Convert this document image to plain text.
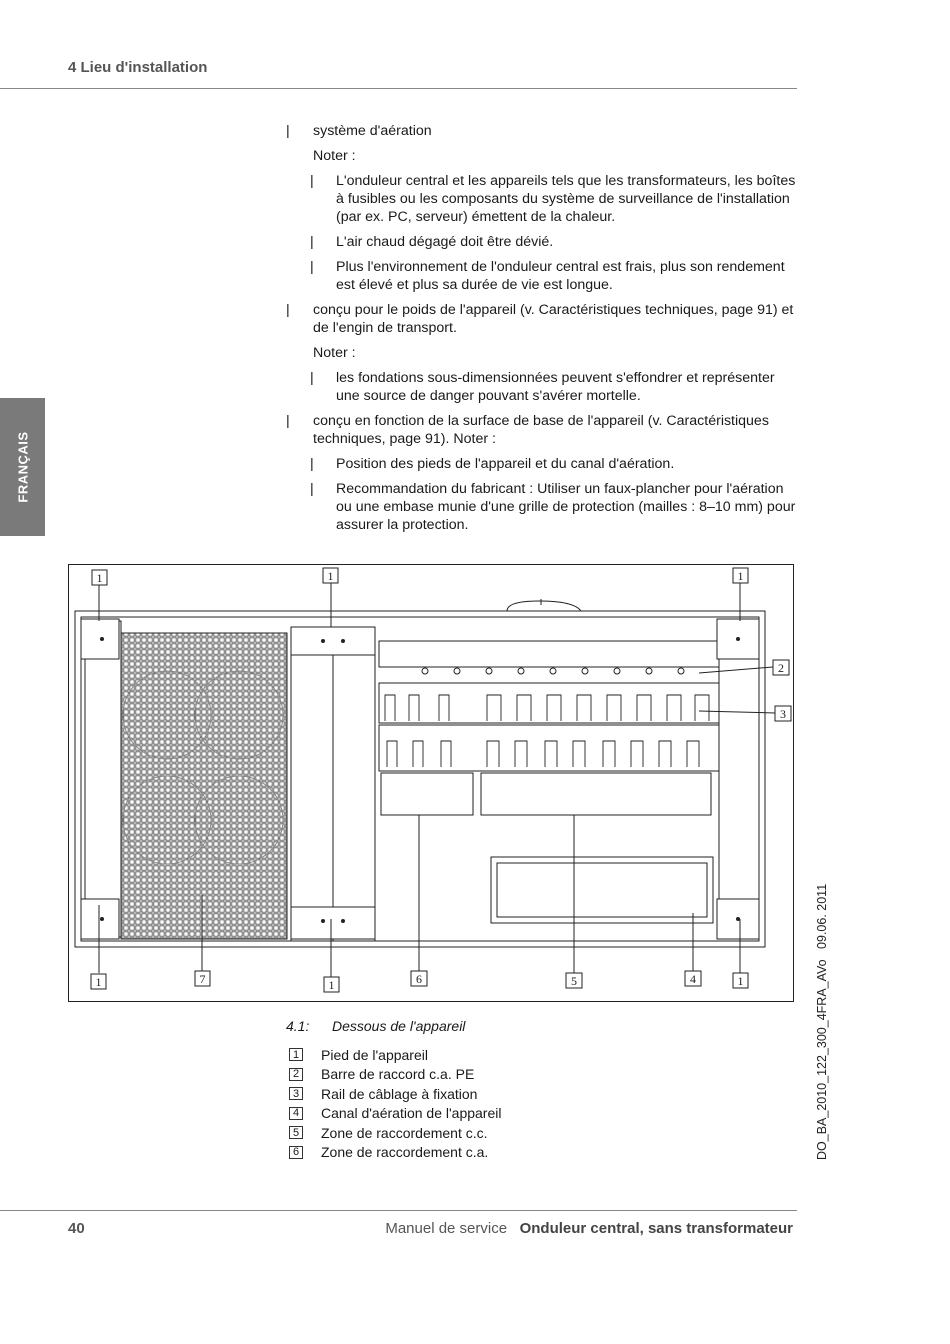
4 Lieu d'installation
FRANÇAIS
| système d'aération
Noter :
| L'onduleur central et les appareils tels que les transformateurs, les boîtes à fusibles ou les composants du système de surveillance de l'installation (par ex. PC, serveur) émettent de la chaleur.
| L'air chaud dégagé doit être dévié.
| Plus l'environnement de l'onduleur central est frais, plus son rendement est élevé et plus sa durée de vie est longue.
| conçu pour le poids de l'appareil (v. Caractéristiques techniques, page 91) et de l'engin de transport.
Noter :
| les fondations sous-dimensionnées peuvent s'effondrer et représenter une source de danger pouvant s'avérer mortelle.
| conçu en fonction de la surface de base de l'appareil (v. Caractéristiques techniques, page 91). Noter :
| Position des pieds de l'appareil et du canal d'aération.
| Recommandation du fabricant : Utiliser un faux-plancher pour l'aération ou une embase munie d'une grille de protection (mailles : 8–10 mm) pour assurer la protection.
1	1	1
2
3
1	7	1	6	5	4	1
4.1: Dessous de l'appareil
1 Pied de l'appareil
2 Barre de raccord c.a. PE
3 Rail de câblage à fixation
4 Canal d'aération de l'appareil
5 Zone de raccordement c.c.
6 Zone de raccordement c.a.	DO_BA_2010_122_300_4FRA_AVo   09.06. 2011
40	Manuel de service Onduleur central, sans transformateur
